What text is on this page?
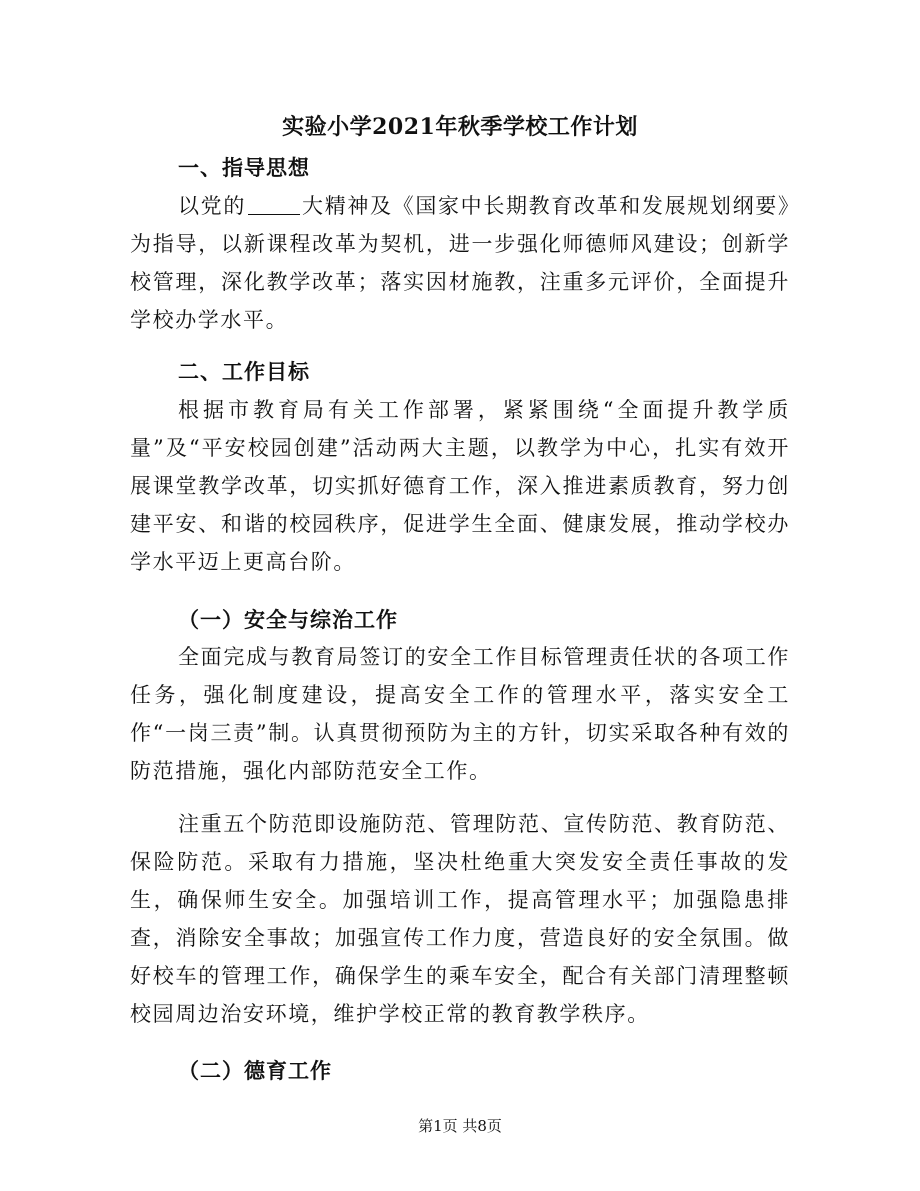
实验小学2021年秋季学校工作计划
一、指导思想

以党的	大精神及《国家中长期教育改革和发展规划纲要》为指导，以新课程改革为契机，进一步强化师德师风建设；创新学校管理，深化教学改革；落实因材施教，注重多元评价，全面提升学校办学水平。

二、工作目标

根据市教育局有关工作部署，紧紧围绕“全面提升教学质量”及“平安校园创建”活动两大主题，以教学为中心，扎实有效开展课堂教学改革，切实抓好德育工作，深入推进素质教育，努力创建平安、和谐的校园秩序，促进学生全面、健康发展，推动学校办学水平迈上更高台阶。

（一）安全与综治工作

全面完成与教育局签订的安全工作目标管理责任状的各项工作任务，强化制度建设，提高安全工作的管理水平，落实安全工作“一岗三责”制。认真贯彻预防为主的方针，切实采取各种有效的防范措施，强化内部防范安全工作。

注重五个防范即设施防范、管理防范、宣传防范、教育防范、保险防范。采取有力措施，坚决杜绝重大突发安全责任事故的发生，确保师生安全。加强培训工作，提高管理水平；加强隐患排查，消除安全事故；加强宣传工作力度，营造良好的安全氛围。做好校车的管理工作，确保学生的乘车安全，配合有关部门清理整顿校园周边治安环境，维护学校正常的教育教学秩序。

（二）德育工作
第1页 共8页
